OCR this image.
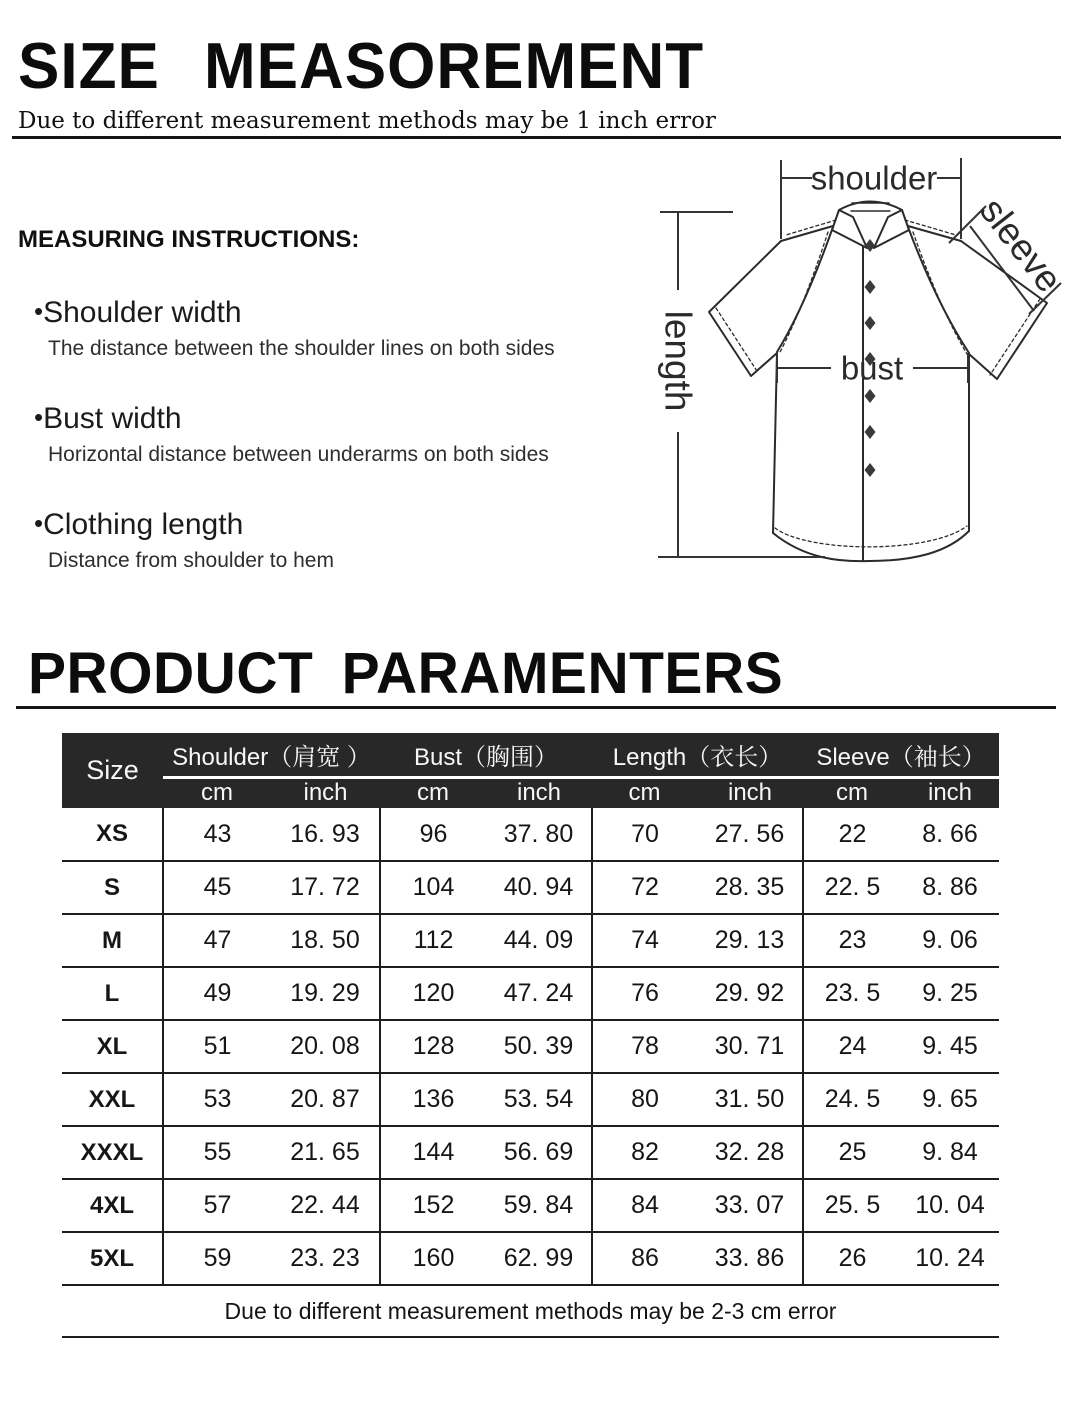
SIZE MEASOREMENT
Due to different measurement methods may be 1 inch error
MEASURING INSTRUCTIONS:
•Shoulder width
The distance between the shoulder lines on both sides
•Bust width
Horizontal distance between underarms on both sides
•Clothing length
Distance from shoulder to hem
shoulder
length	bust
sleeve
PRODUCT PARAMENTERS
Size	Shoulder（肩宽 ）		Bust（胸围）		Length（衣长）		Sleeve（袖长）	
	cm	inch	cm	inch	cm	inch	cm	inch
XS	43	16. 93	96	37. 80	70	27. 56	22	8. 66
S	45	17. 72	104	40. 94	72	28. 35	22. 5	8. 86
M	47	18. 50	112	44. 09	74	29. 13	23	9. 06
L	49	19. 29	120	47. 24	76	29. 92	23. 5	9. 25
XL	51	20. 08	128	50. 39	78	30. 71	24	9. 45
XXL	53	20. 87	136	53. 54	80	31. 50	24. 5	9. 65
XXXL	55	21. 65	144	56. 69	82	32. 28	25	9. 84
4XL	57	22. 44	152	59. 84	84	33. 07	25. 5	10. 04
5XL	59	23. 23	160	62. 99	86	33. 86	26	10. 24
Due to different measurement methods may be 2-3 cm error								
